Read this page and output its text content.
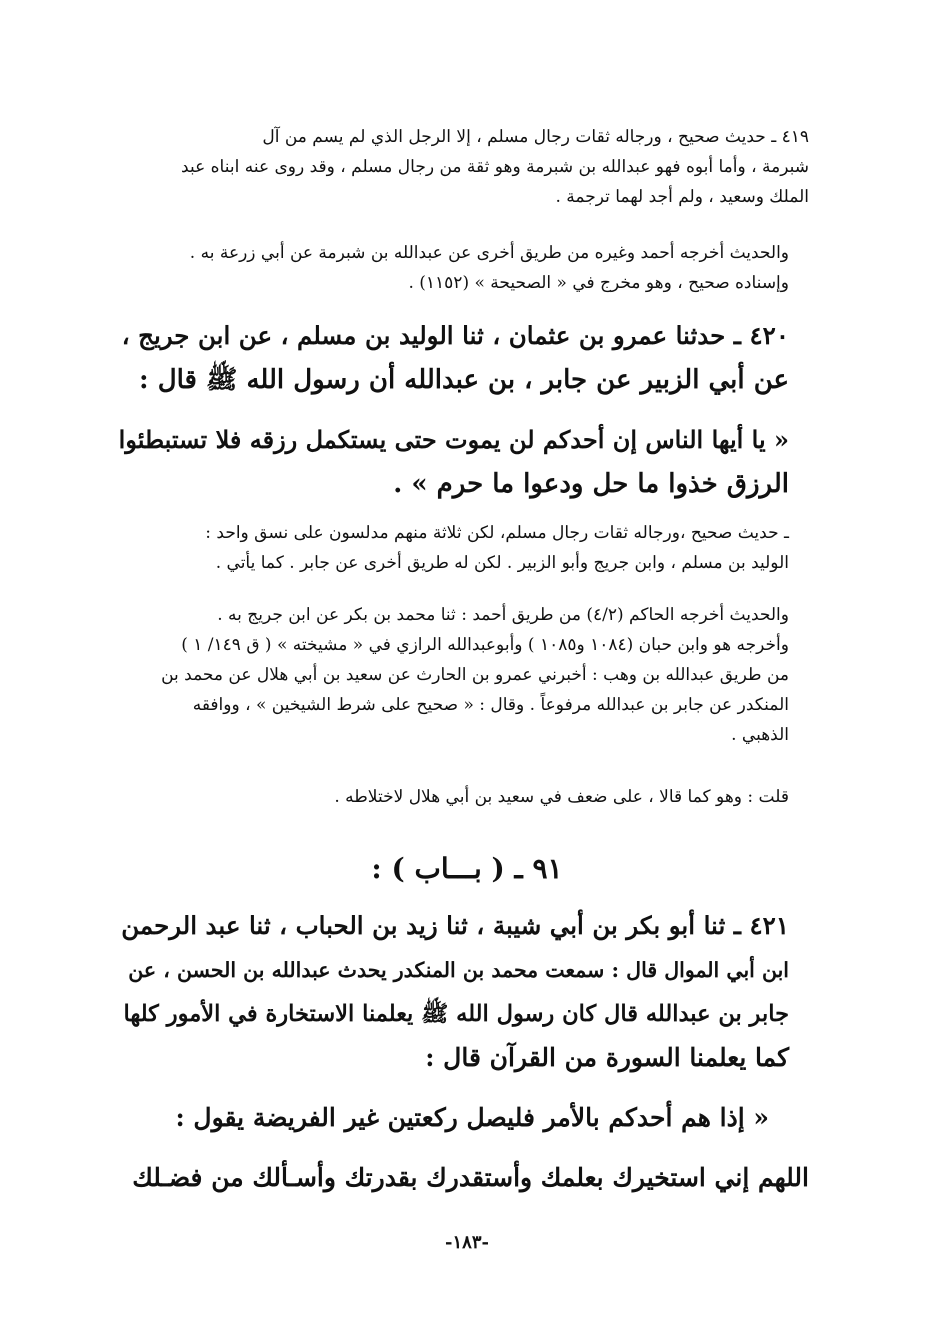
٤١٩ ـ حديث صحيح ، ورجاله ثقات رجال مسلم ، إلا الرجل الذي لم يسم من آل
شبرمة ، وأما أبوه فهو عبدالله بن شبرمة وهو ثقة من رجال مسلم ، وقد روى عنه ابناه عبد
الملك وسعيد ، ولم أجد لهما ترجمة .
والحديث أخرجه أحمد وغيره من طريق أخرى عن عبدالله بن شبرمة عن أبي زرعة به .
وإسناده صحيح ، وهو مخرج في « الصحيحة » (١١٥٢) .
٤٢٠ ـ حدثنا عمرو بن عثمان ، ثنا الوليد بن مسلم ، عن ابن جريج ،
عن أبي الزبير عن جابر ، بن عبدالله أن رسول الله ﷺ قال :
« يا أيها الناس إن أحدكم لن يموت حتى يستكمل رزقه فلا تستبطئوا
الرزق خذوا ما حل ودعوا ما حرم » .
ـ حديث صحيح ،ورجاله ثقات رجال مسلم، لكن ثلاثة منهم مدلسون على نسق واحد :
الوليد بن مسلم ، وابن جريج وأبو الزبير . لكن له طريق أخرى عن جابر . كما يأتي .
والحديث أخرجه الحاكم (٤/٢) من طريق أحمد : ثنا محمد بن بكر عن ابن جريج به .
وأخرجه هو وابن حبان (١٠٨٤ و١٠٨٥ ) وأبوعبدالله الرازي في « مشيخته » ( ق ١٤٩/ ١ )
من طريق عبدالله بن وهب : أخبرني عمرو بن الحارث عن سعيد بن أبي هلال عن محمد بن
المنكدر عن جابر بن عبدالله مرفوعاً . وقال : « صحيح على شرط الشيخين » ، ووافقه
الذهبي .
قلت : وهو كما قالا ، على ضعف في سعيد بن أبي هلال لاختلاطه .
٩١ ـ ( بـــاب ) :
٤٢١ ـ ثنا أبو بكر بن أبي شيبة ، ثنا زيد بن الحباب ، ثنا عبد الرحمن
ابن أبي الموال قال : سمعت محمد بن المنكدر يحدث عبدالله بن الحسن ، عن
جابر بن عبدالله قال كان رسول الله ﷺ يعلمنا الاستخارة في الأمور كلها
كما يعلمنا السورة من القرآن قال :
« إذا هم أحدكم بالأمر فليصل ركعتين غير الفريضة يقول :
اللهم إني استخيرك بعلمك وأستقدرك بقدرتك وأسـألك من فضـلك
-١٨٣-
